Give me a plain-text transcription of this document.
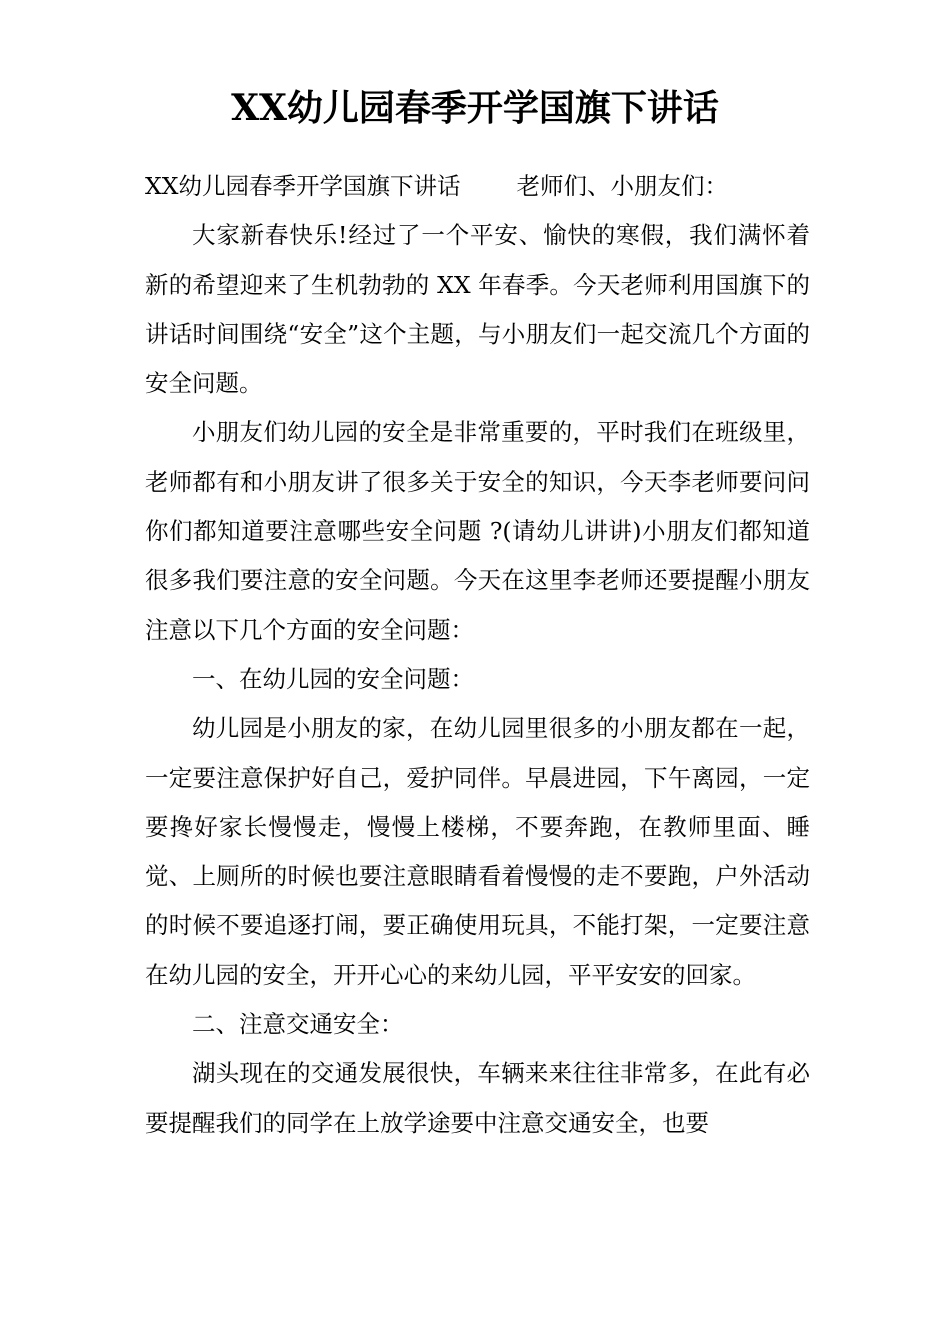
XX幼儿园春季开学国旗下讲话

XX幼儿园春季开学国旗下讲话 老师们、小朋友们：

大家新春快乐!经过了一个平安、愉快的寒假，我们满怀着新的希望迎来了生机勃勃的 XX 年春季。今天老师利用国旗下的讲话时间围绕“安全”这个主题，与小朋友们一起交流几个方面的安全问题。

小朋友们幼儿园的安全是非常重要的，平时我们在班级里，老师都有和小朋友讲了很多关于安全的知识，今天李老师要问问你们都知道要注意哪些安全问题 ?(请幼儿讲讲)小朋友们都知道很多我们要注意的安全问题。今天在这里李老师还要提醒小朋友注意以下几个方面的安全问题：

一、在幼儿园的安全问题：

幼儿园是小朋友的家，在幼儿园里很多的小朋友都在一起，一定要注意保护好自己，爱护同伴。早晨进园，下午离园，一定要搀好家长慢慢走，慢慢上楼梯，不要奔跑，在教师里面、睡觉、上厕所的时候也要注意眼睛看着慢慢的走不要跑，户外活动的时候不要追逐打闹，要正确使用玩具，不能打架，一定要注意在幼儿园的安全，开开心心的来幼儿园，平平安安的回家。

二、注意交通安全：

湖头现在的交通发展很快，车辆来来往往非常多，在此有必要提醒我们的同学在上放学途要中注意交通安全，也要
